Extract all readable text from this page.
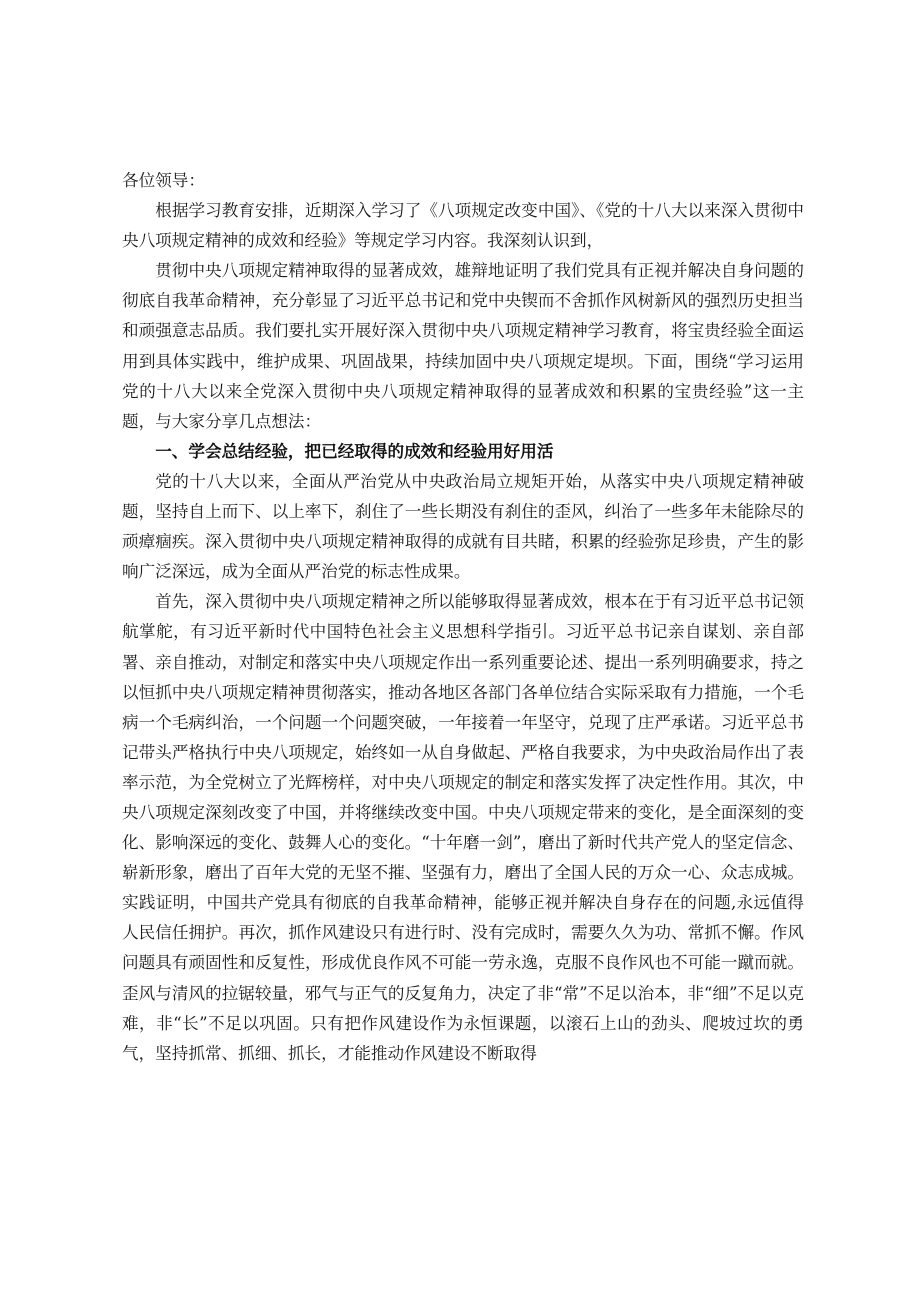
各位领导：

根据学习教育安排，近期深入学习了《八项规定改变中国》、《党的十八大以来深入贯彻中央八项规定精神的成效和经验》等规定学习内容。我深刻认识到，

贯彻中央八项规定精神取得的显著成效，雄辩地证明了我们党具有正视并解决自身问题的彻底自我革命精神，充分彰显了习近平总书记和党中央锲而不舍抓作风树新风的强烈历史担当和顽强意志品质。我们要扎实开展好深入贯彻中央八项规定精神学习教育，将宝贵经验全面运用到具体实践中，维护成果、巩固战果，持续加固中央八项规定堤坝。下面，围绕“学习运用党的十八大以来全党深入贯彻中央八项规定精神取得的显著成效和积累的宝贵经验”这一主题，与大家分享几点想法：

一、学会总结经验，把已经取得的成效和经验用好用活

党的十八大以来，全面从严治党从中央政治局立规矩开始，从落实中央八项规定精神破题，坚持自上而下、以上率下，刹住了一些长期没有刹住的歪风，纠治了一些多年未能除尽的顽瘴痼疾。深入贯彻中央八项规定精神取得的成就有目共睹，积累的经验弥足珍贵，产生的影响广泛深远，成为全面从严治党的标志性成果。

首先，深入贯彻中央八项规定精神之所以能够取得显著成效，根本在于有习近平总书记领航掌舵，有习近平新时代中国特色社会主义思想科学指引。习近平总书记亲自谋划、亲自部署、亲自推动，对制定和落实中央八项规定作出一系列重要论述、提出一系列明确要求，持之以恒抓中央八项规定精神贯彻落实，推动各地区各部门各单位结合实际采取有力措施，一个毛病一个毛病纠治，一个问题一个问题突破，一年接着一年坚守，兑现了庄严承诺。习近平总书记带头严格执行中央八项规定，始终如一从自身做起、严格自我要求，为中央政治局作出了表率示范，为全党树立了光辉榜样，对中央八项规定的制定和落实发挥了决定性作用。其次，中央八项规定深刻改变了中国，并将继续改变中国。中央八项规定带来的变化，是全面深刻的变化、影响深远的变化、鼓舞人心的变化。“十年磨一剑”，磨出了新时代共产党人的坚定信念、崭新形象，磨出了百年大党的无坚不摧、坚强有力，磨出了全国人民的万众一心、众志成城。实践证明，中国共产党具有彻底的自我革命精神，能够正视并解决自身存在的问题,永远值得人民信任拥护。再次，抓作风建设只有进行时、没有完成时，需要久久为功、常抓不懈。作风问题具有顽固性和反复性，形成优良作风不可能一劳永逸，克服不良作风也不可能一蹴而就。歪风与清风的拉锯较量，邪气与正气的反复角力，决定了非“常”不足以治本，非“细”不足以克难，非“长”不足以巩固。只有把作风建设作为永恒课题，以滚石上山的劲头、爬坡过坎的勇气，坚持抓常、抓细、抓长，才能推动作风建设不断取得
